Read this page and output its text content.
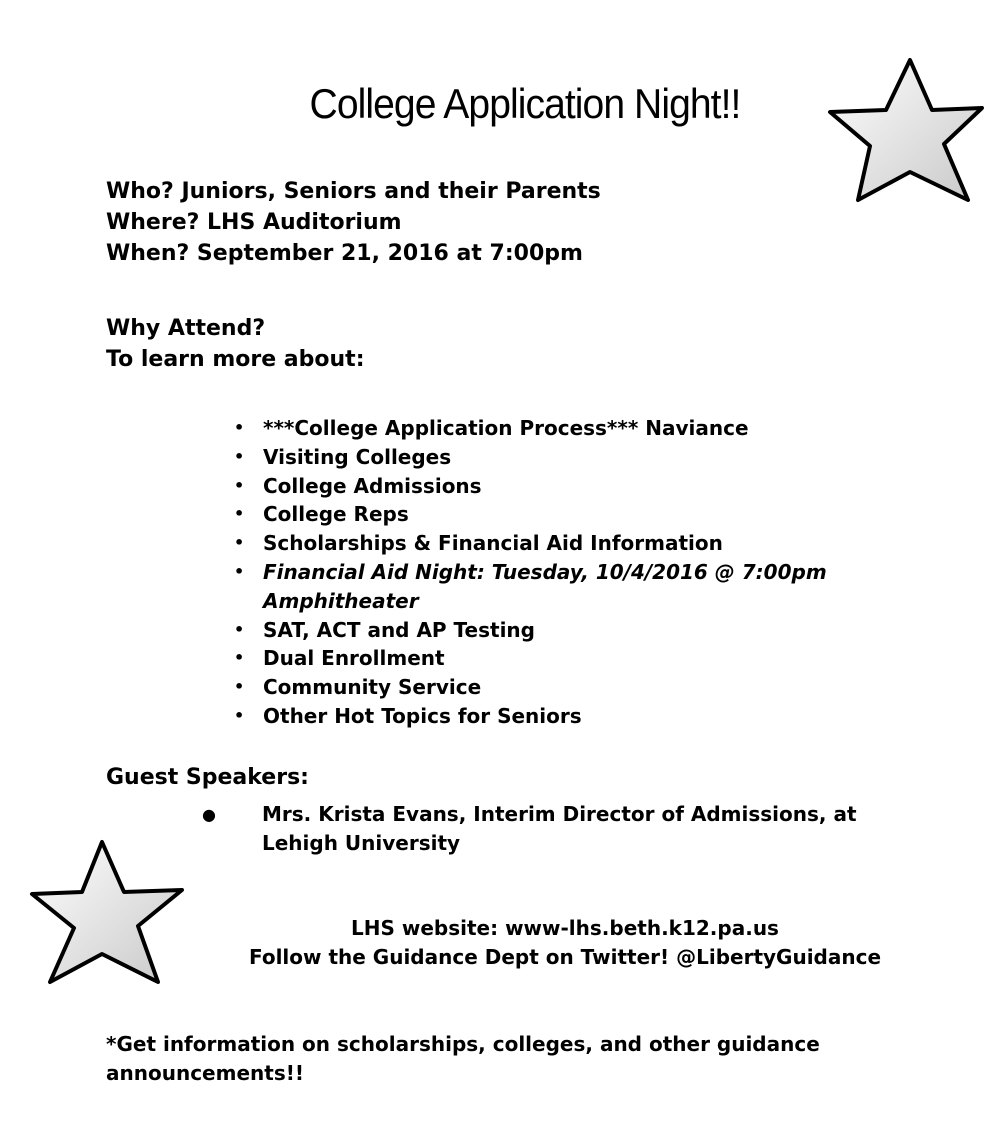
College Application Night!!
Who? Juniors, Seniors and their Parents
Where? LHS Auditorium
When? September 21, 2016 at 7:00pm
Why Attend?
To learn more about:
• ***College Application Process*** Naviance
• Visiting Colleges
• College Admissions
• College Reps
• Scholarships & Financial Aid Information
• Financial Aid Night: Tuesday, 10/4/2016 @ 7:00pm Amphitheater
• SAT, ACT and AP Testing
• Dual Enrollment
• Community Service
• Other Hot Topics for Seniors
Guest Speakers:
● Mrs. Krista Evans, Interim Director of Admissions, at Lehigh University
LHS website: www-lhs.beth.k12.pa.us
Follow the Guidance Dept on Twitter! @LibertyGuidance
*Get information on scholarships, colleges, and other guidance announcements!!
